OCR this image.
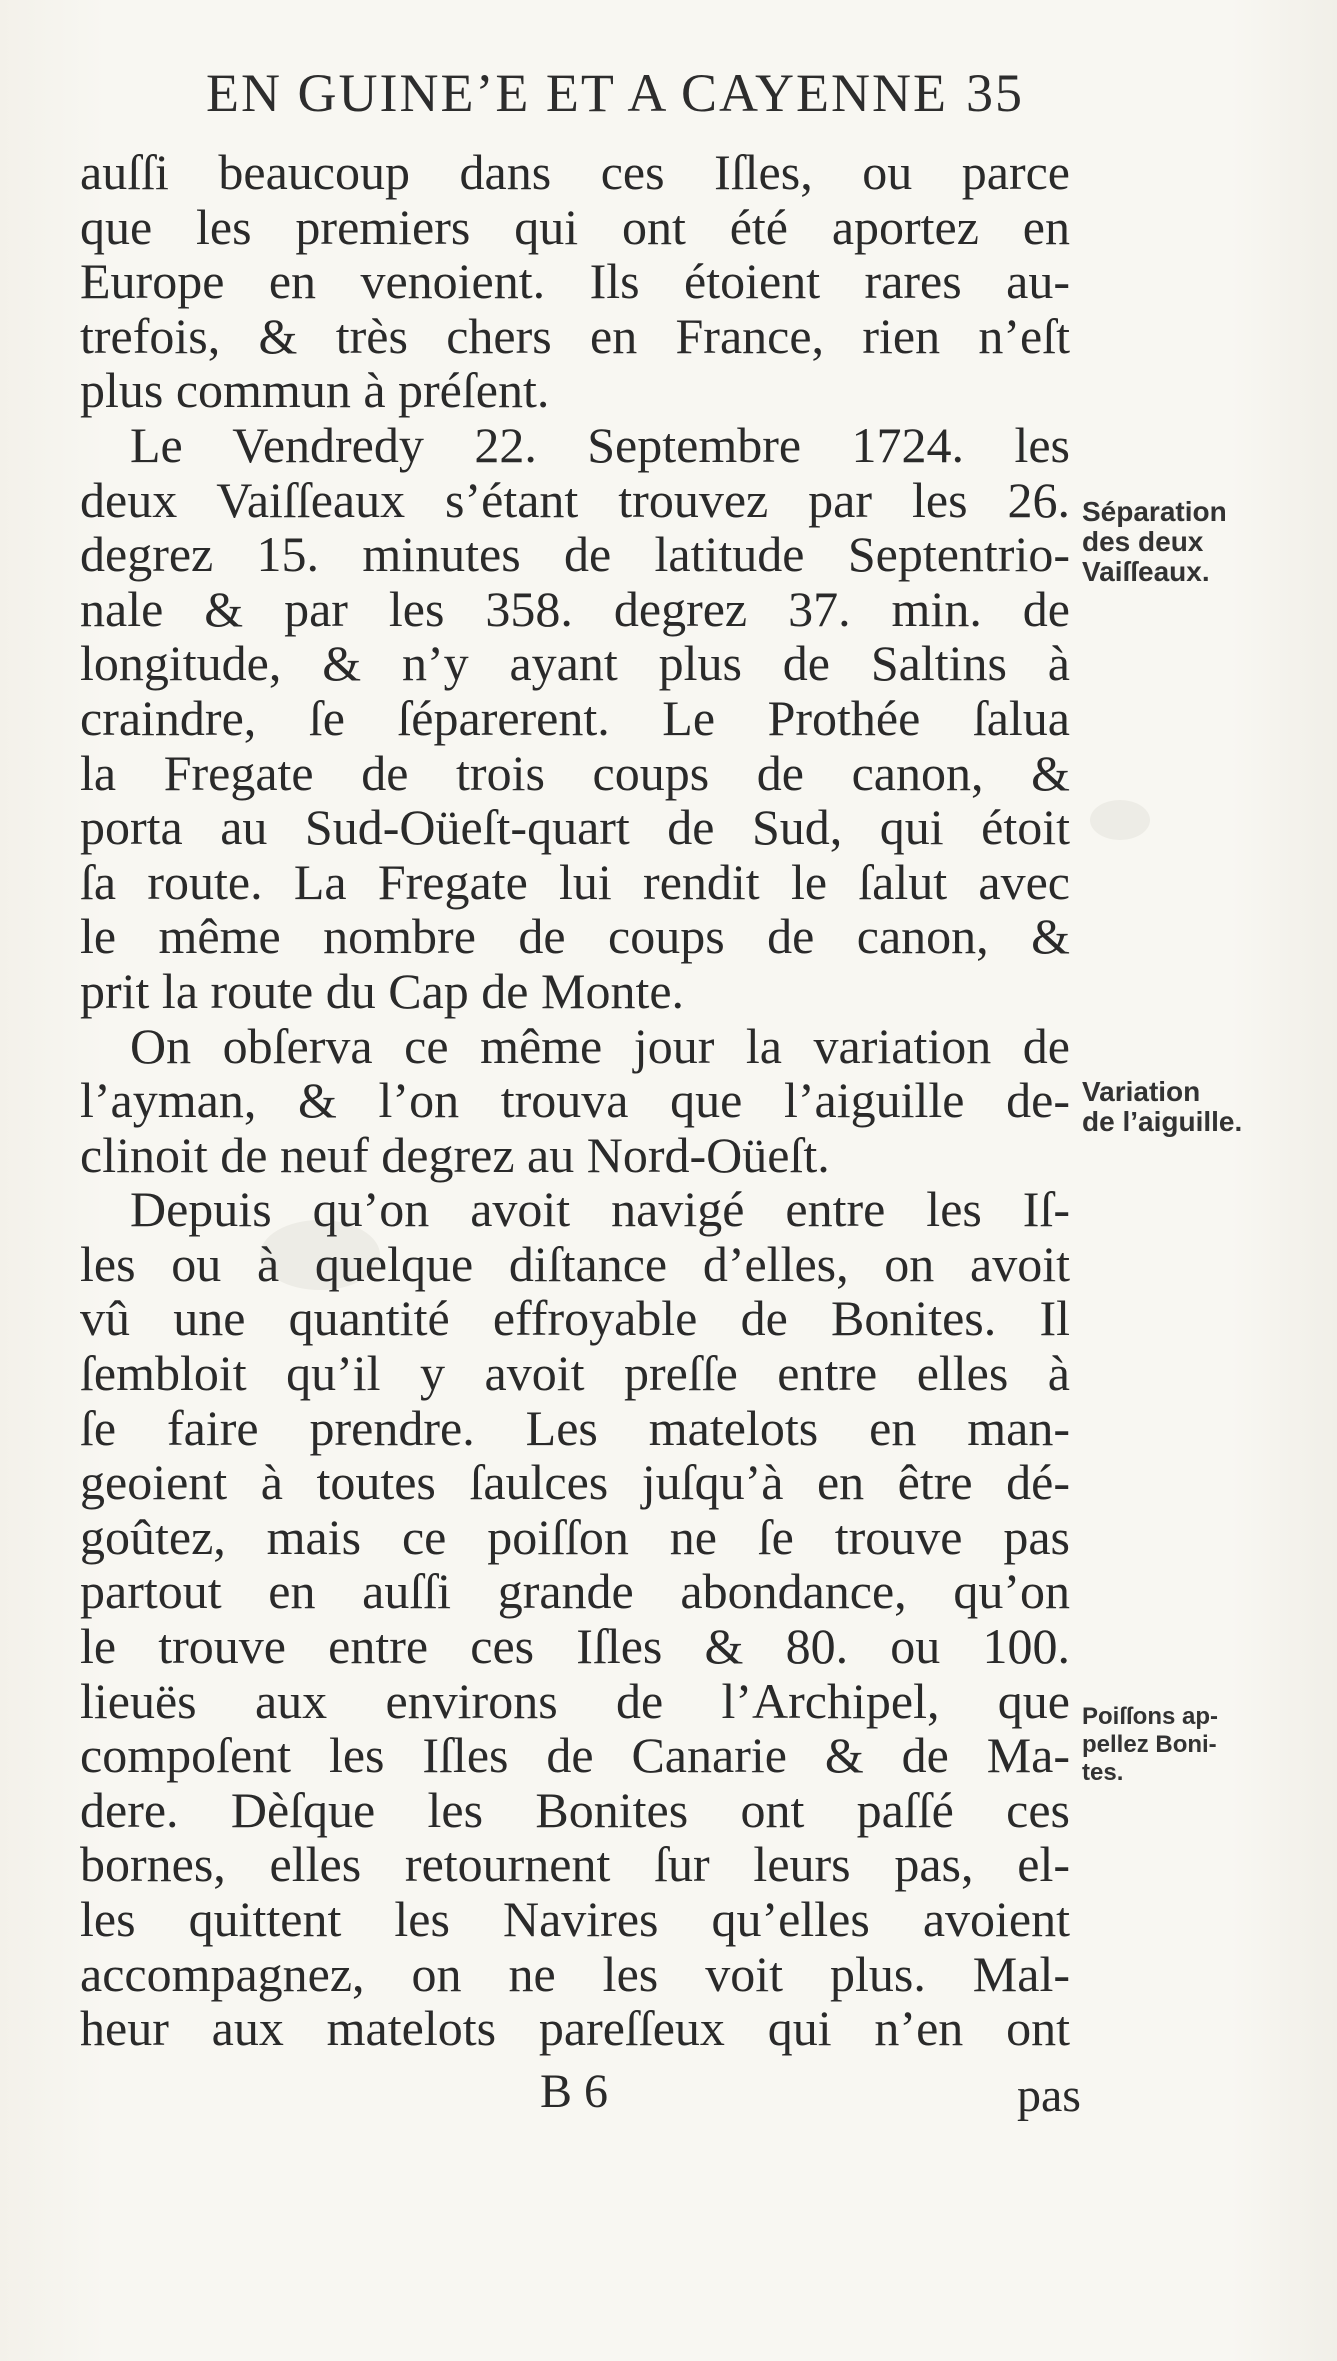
EN GUINE’E ET A CAYENNE 35
auſſi beaucoup dans ces Iſles, ou parce
que les premiers qui ont été aportez en
Europe en venoient. Ils étoient rares au-
trefois, & très chers en France, rien n’eſt
plus commun à préſent.
Le Vendredy 22. Septembre 1724. les
deux Vaiſſeaux s’étant trouvez par les 26.
degrez 15. minutes de latitude Septentrio-
nale & par les 358. degrez 37. min. de
longitude, & n’y ayant plus de Saltins à
craindre, ſe ſéparerent. Le Prothée ſalua
la Fregate de trois coups de canon, &
porta au Sud-Oüeſt-quart de Sud, qui étoit
ſa route. La Fregate lui rendit le ſalut avec
le même nombre de coups de canon, &
prit la route du Cap de Monte.
On obſerva ce même jour la variation de
l’ayman, & l’on trouva que l’aiguille de-
clinoit de neuf degrez au Nord-Oüeſt.
Depuis qu’on avoit navigé entre les Iſ-
les ou à quelque diſtance d’elles, on avoit
vû une quantité effroyable de Bonites. Il
ſembloit qu’il y avoit preſſe entre elles à
ſe faire prendre. Les matelots en man-
geoient à toutes ſaulces juſqu’à en être dé-
goûtez, mais ce poiſſon ne ſe trouve pas
partout en auſſi grande abondance, qu’on
le trouve entre ces Iſles & 80. ou 100.
lieuës aux environs de l’Archipel, que
compoſent les Iſles de Canarie & de Ma-
dere. Dèſque les Bonites ont paſſé ces
bornes, elles retournent ſur leurs pas, el-
les quittent les Navires qu’elles avoient
accompagnez, on ne les voit plus. Mal-
heur aux matelots pareſſeux qui n’en ont
B 6	pas
Séparation
des deux
Vaiſſeaux.
Variation
de l’aiguille.
Poiſſons ap-
pellez Boni-
tes.
